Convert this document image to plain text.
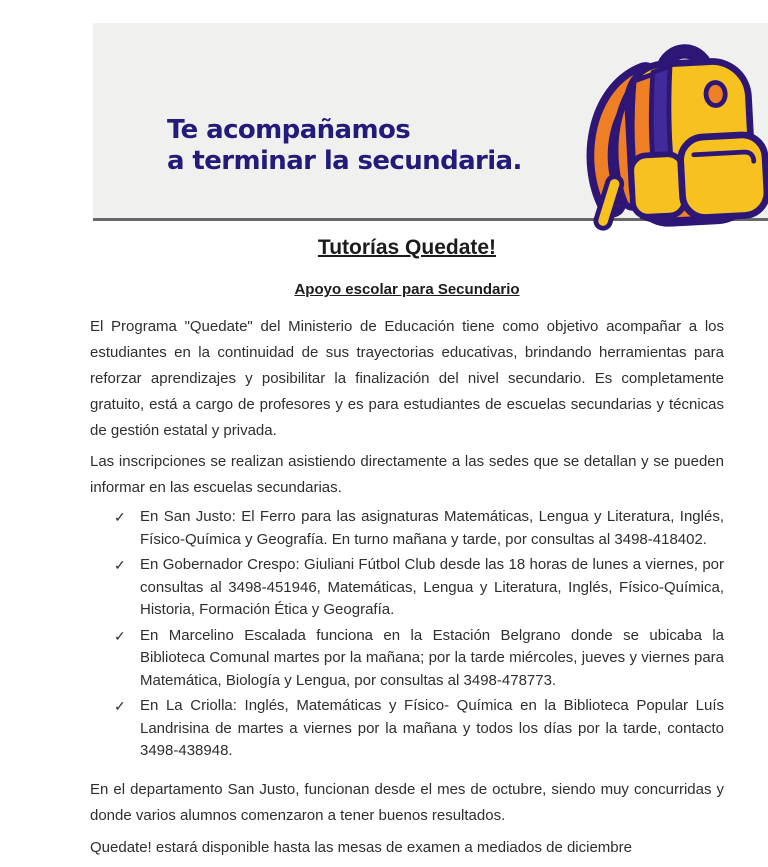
Te acompañamos
a terminar la secundaria.
Tutorías Quedate!
Apoyo escolar para Secundario

El Programa "Quedate" del Ministerio de Educación tiene como objetivo acompañar a los estudiantes en la continuidad de sus trayectorias educativas, brindando herramientas para reforzar aprendizajes y posibilitar la finalización del nivel secundario. Es completamente gratuito, está a cargo de profesores y es para estudiantes de escuelas secundarias y técnicas de gestión estatal y privada.

Las inscripciones se realizan asistiendo directamente a las sedes que se detallan y se pueden informar en las escuelas secundarias.

✓ En San Justo: El Ferro para las asignaturas Matemáticas, Lengua y Literatura, Inglés, Físico-Química y Geografía. En turno mañana y tarde, por consultas al 3498-418402.
✓ En Gobernador Crespo: Giuliani Fútbol Club desde las 18 horas de lunes a viernes, por consultas al 3498-451946, Matemáticas, Lengua y Literatura, Inglés, Físico-Química, Historia, Formación Ética y Geografía.
✓ En Marcelino Escalada funciona en la Estación Belgrano donde se ubicaba la Biblioteca Comunal martes por la mañana; por la tarde miércoles, jueves y viernes para Matemática, Biología y Lengua, por consultas al 3498-478773.
✓ En La Criolla: Inglés, Matemáticas y Físico- Química en la Biblioteca Popular Luís Landrisina de martes a viernes por la mañana y todos los días por la tarde, contacto 3498-438948.

En el departamento San Justo, funcionan desde el mes de octubre, siendo muy concurridas y donde varios alumnos comenzaron a tener buenos resultados.

Quedate! estará disponible hasta las mesas de examen a mediados de diciembre
